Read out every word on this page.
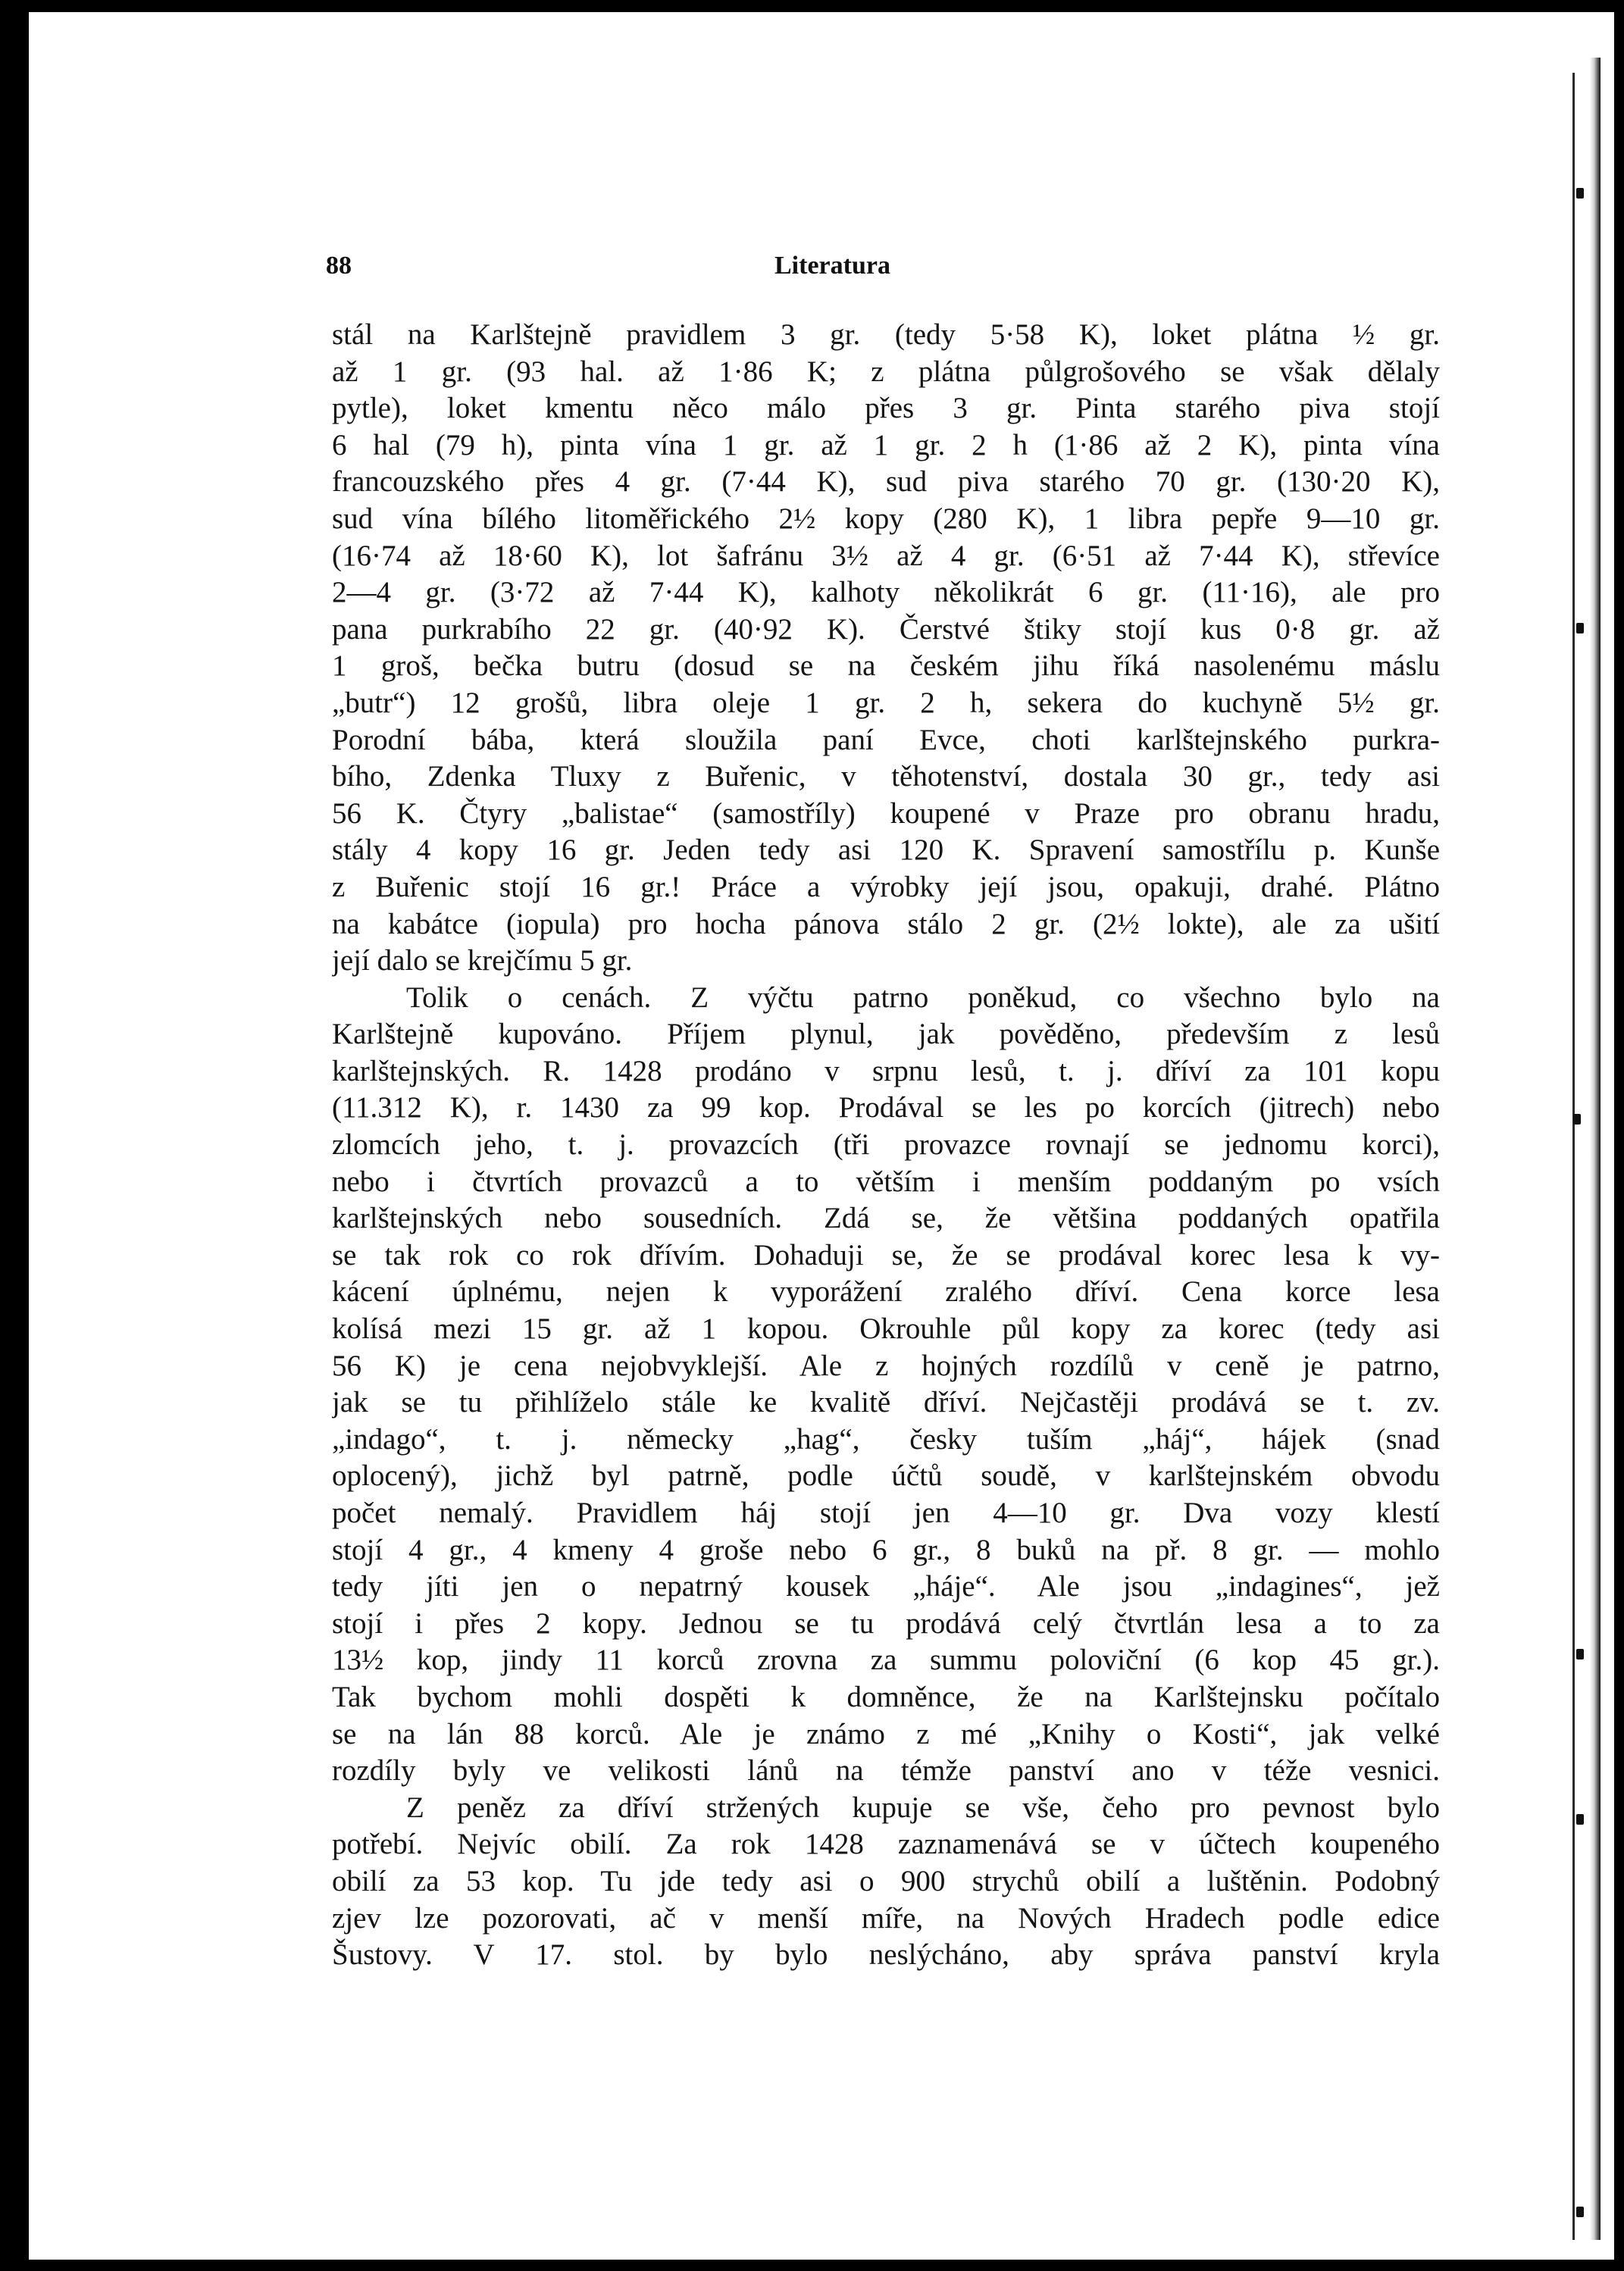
88	Literatura
stál na Karlštejně pravidlem 3 gr. (tedy 5·58 K), loket plátna ½ gr.
až 1 gr. (93 hal. až 1·86 K; z plátna půlgrošového se však dělaly
pytle), loket kmentu něco málo přes 3 gr. Pinta starého piva stojí
6 hal (79 h), pinta vína 1 gr. až 1 gr. 2 h (1·86 až 2 K), pinta vína
francouzského přes 4 gr. (7·44 K), sud piva starého 70 gr. (130·20 K),
sud vína bílého litoměřického 2½ kopy (280 K), 1 libra pepře 9—10 gr.
(16·74 až 18·60 K), lot šafránu 3½ až 4 gr. (6·51 až 7·44 K), střevíce
2—4 gr. (3·72 až 7·44 K), kalhoty několikrát 6 gr. (11·16), ale pro
pana purkrabího 22 gr. (40·92 K). Čerstvé štiky stojí kus 0·8 gr. až
1 groš, bečka butru (dosud se na českém jihu říká nasolenému máslu
„butr“) 12 grošů, libra oleje 1 gr. 2 h, sekera do kuchyně 5½ gr.
Porodní bába, která sloužila paní Evce, choti karlštejnského purkra-
bího, Zdenka Tluxy z Buřenic, v těhotenství, dostala 30 gr., tedy asi
56 K. Čtyry „balistae“ (samostříly) koupené v Praze pro obranu hradu,
stály 4 kopy 16 gr. Jeden tedy asi 120 K. Spravení samostřílu p. Kunše
z Buřenic stojí 16 gr.! Práce a výrobky její jsou, opakuji, drahé. Plátno
na kabátce (iopula) pro hocha pánova stálo 2 gr. (2½ lokte), ale za ušití
její dalo se krejčímu 5 gr.
Tolik o cenách. Z výčtu patrno poněkud, co všechno bylo na
Karlštejně kupováno. Příjem plynul, jak pověděno, především z lesů
karlštejnských. R. 1428 prodáno v srpnu lesů, t. j. dříví za 101 kopu
(11.312 K), r. 1430 za 99 kop. Prodával se les po korcích (jitrech) nebo
zlomcích jeho, t. j. provazcích (tři provazce rovnají se jednomu korci),
nebo i čtvrtích provazců a to větším i menším poddaným po vsích
karlštejnských nebo sousedních. Zdá se, že většina poddaných opatřila
se tak rok co rok dřívím. Dohaduji se, že se prodával korec lesa k vy-
kácení úplnému, nejen k vyporážení zralého dříví. Cena korce lesa
kolísá mezi 15 gr. až 1 kopou. Okrouhle půl kopy za korec (tedy asi
56 K) je cena nejobvyklejší. Ale z hojných rozdílů v ceně je patrno,
jak se tu přihlíželo stále ke kvalitě dříví. Nejčastěji prodává se t. zv.
„indago“, t. j. německy „hag“, česky tuším „háj“, hájek (snad
oplocený), jichž byl patrně, podle účtů soudě, v karlštejnském obvodu
počet nemalý. Pravidlem háj stojí jen 4—10 gr. Dva vozy klestí
stojí 4 gr., 4 kmeny 4 groše nebo 6 gr., 8 buků na př. 8 gr. — mohlo
tedy jíti jen o nepatrný kousek „háje“. Ale jsou „indagines“, jež
stojí i přes 2 kopy. Jednou se tu prodává celý čtvrtlán lesa a to za
13½ kop, jindy 11 korců zrovna za summu poloviční (6 kop 45 gr.).
Tak bychom mohli dospěti k domněnce, že na Karlštejnsku počítalo
se na lán 88 korců. Ale je známo z mé „Knihy o Kosti“, jak velké
rozdíly byly ve velikosti lánů na témže panství ano v téže vesnici.
Z peněz za dříví stržených kupuje se vše, čeho pro pevnost bylo
potřebí. Nejvíc obilí. Za rok 1428 zaznamenává se v účtech koupeného
obilí za 53 kop. Tu jde tedy asi o 900 strychů obilí a luštěnin. Podobný
zjev lze pozorovati, ač v menší míře, na Nových Hradech podle edice
Šustovy. V 17. stol. by bylo neslýcháno, aby správa panství kryla
